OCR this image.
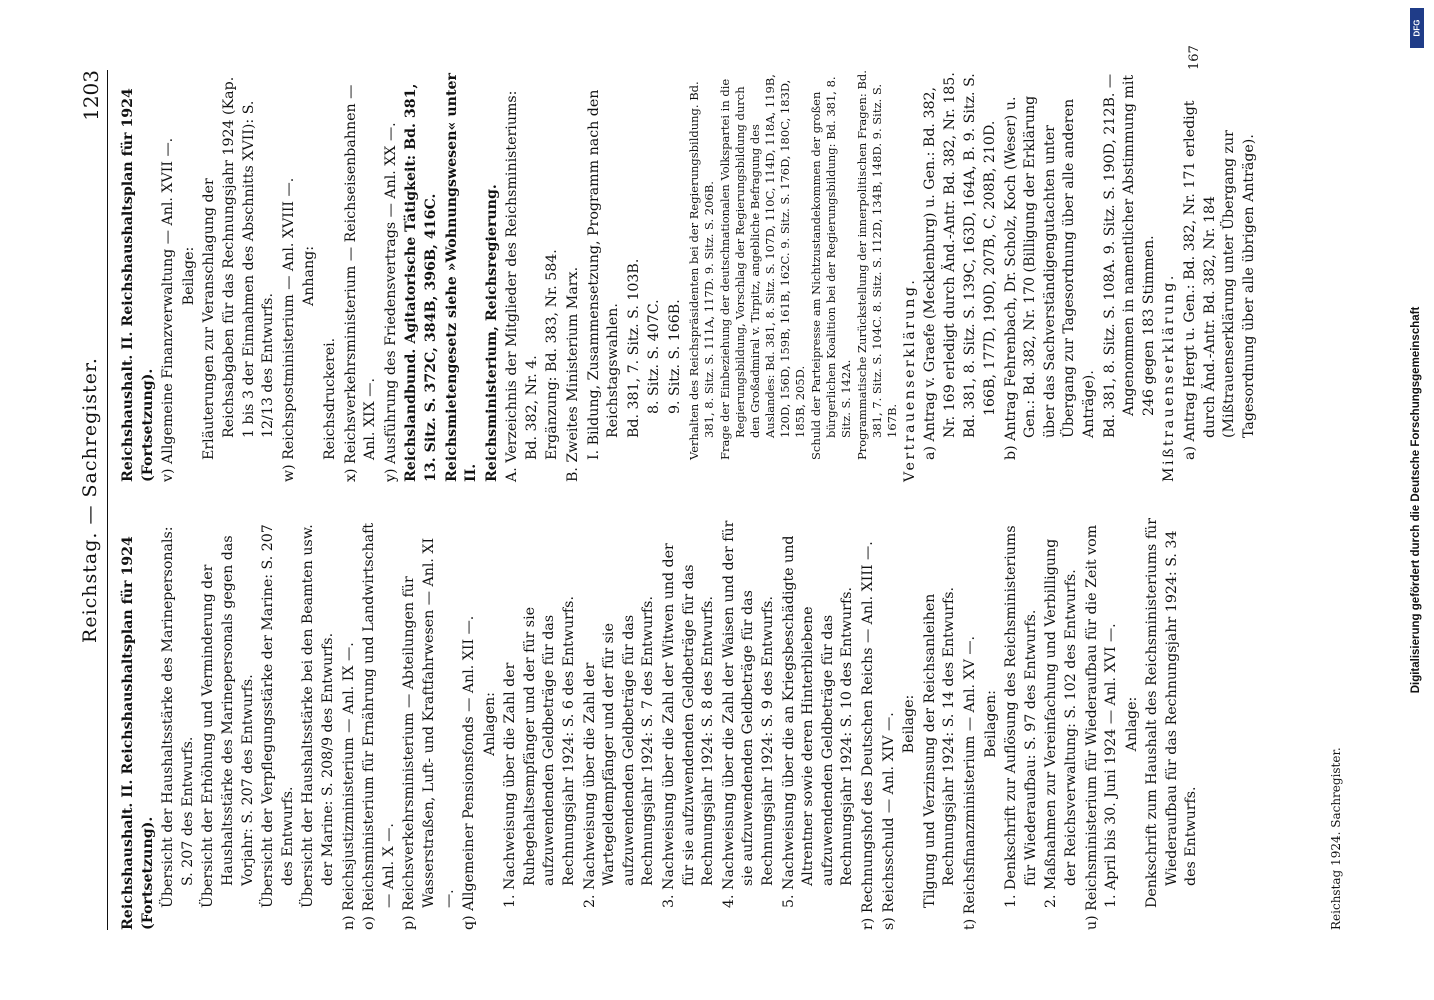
Reichstag. — Sachregister.
1203

Reichshaushalt. II. Reichshaushaltsplan für 1924 (Fortsetzung). Übersicht der Haushaltsstärke des Marinepersonals: S. 207 des Entwurfs. Übersicht der Erhöhung und Verminderung der Haushaltsstärke des Marinepersonals gegen das Vorjahr: S. 207 des Entwurfs. Übersicht der Verpflegungsstärke der Marine: S. 207 des Entwurfs. Übersicht der Haushaltsstärke bei den Beamten usw. der Marine: S. 208/9 des Entwurfs. n) Reichsjustizministerium — Anl. IX —. o) Reichsministerium für Ernährung und Landwirtschaft — Anl. X —. p) Reichsverkehrsministerium — Abteilungen für Wasserstraßen, Luft- und Kraftfahrwesen — Anl. XI —. q) Allgemeiner Pensionsfonds — Anl. XII —. Anlagen: 1. Nachweisung über die Zahl der Ruhegehaltsempfänger und der für sie aufzuwendenden Geldbeträge für das Rechnungsjahr 1924: S. 6 des Entwurfs. 2. Nachweisung über die Zahl der Wartegeldempfänger und der für sie aufzuwendenden Geldbeträge für das Rechnungsjahr 1924: S. 7 des Entwurfs. 3. Nachweisung über die Zahl der Witwen und der für sie aufzuwendenden Geldbeträge für das Rechnungsjahr 1924: S. 8 des Entwurfs. 4. Nachweisung über die Zahl der Waisen und der für sie aufzuwendenden Geldbeträge für das Rechnungsjahr 1924: S. 9 des Entwurfs. 5. Nachweisung über die an Kriegsbeschädigte und Altrentner sowie deren Hinterbliebene aufzuwendenden Geldbeträge für das Rechnungsjahr 1924: S. 10 des Entwurfs. r) Rechnungshof des Deutschen Reichs — Anl. XIII —. s) Reichsschuld — Anl. XIV —. Beilage: Tilgung und Verzinsung der Reichsanleihen Rechnungsjahr 1924: S. 14 des Entwurfs. t) Reichsfinanzministerium — Anl. XV —. Beilagen: 1. Denkschrift zur Auflösung des Reichsministeriums für Wiederaufbau: S. 97 des Entwurfs. 2. Maßnahmen zur Vereinfachung und Verbilligung der Reichsverwaltung: S. 102 des Entwurfs. u) Reichsministerium für Wiederaufbau für die Zeit vom 1. April bis 30. Juni 1924 — Anl. XVI —. Anlage: Denkschrift zum Haushalt des Reichsministeriums für Wiederaufbau für das Rechnungsjahr 1924: S. 34 des Entwurfs.

Reichshaushalt. II. Reichshaushaltsplan für 1924 (Fortsetzung). v) Allgemeine Finanzverwaltung — Anl. XVII —. Beilage: Erläuterungen zur Veranschlagung der Reichsabgaben für das Rechnungsjahr 1924 (Kap. 1 bis 3 der Einnahmen des Abschnitts XVII): S. 12/13 des Entwurfs. w) Reichspostministerium — Anl. XVIII —. Anhang:

Reichsdruckerei. x) Reichsverkehrsministerium — Reichseisenbahnen — Anl. XIX —. y) Ausführung des Friedensvertrags — Anl. XX —. Reichslandbund. Agitatorische Tätigkeit: Bd. 381, 13. Sitz. S. 372C, 384B, 396B, 416C. Reichsmietengesetz siehe »Wohnungswesen« unter II. Reichsministerium, Reichsregierung. A. Verzeichnis der Mitglieder des Reichsministeriums: Bd. 382, Nr. 4. Ergänzung: Bd. 383, Nr. 584. B. Zweites Ministerium Marx. I. Bildung, Zusammensetzung, Programm nach den Reichstagswahlen. Bd. 381, 7. Sitz. S. 103B. 8. Sitz. S. 407C. 9. Sitz. S. 166B. Verhalten des Reichspräsidenten bei der Regierungsbildung. Bd. 381, 8. Sitz. S. 111A, 117D. 9. Sitz. S. 206B. Frage der Einbeziehung der deutschnationalen Volkspartei in die Regierungsbildung, Vorschlag der Regierungsbildung durch den Großadmiral v. Tirpitz, angebliche Befragung des Auslandes: Bd. 381, 8. Sitz. S. 107D, 110C, 114D, 118A, 119B, 120D, 156D, 159B, 161B, 162C. 9. Sitz. S. 176D, 180C, 183D, 185B, 205D. Schuld der Parteipresse am Nichtzustandekommen der großen bürgerlichen Koalition bei der Regierungsbildung: Bd. 381, 8. Sitz. S. 142A. Programmatische Zurückstellung der innerpolitischen Fragen: Bd. 381, 7. Sitz. S. 104C. 8. Sitz. S. 112D, 134B, 148D. 9. Sitz. S. 167B. Vertrauenserklärung. a) Antrag v. Graefe (Mecklenburg) u. Gen.: Bd. 382, Nr. 169 erledigt durch Änd.-Antr. Bd. 382, Nr. 185. Bd. 381, 8. Sitz. S. 139C, 163D, 164A, B. 9. Sitz. S. 166B, 177D, 190D, 207B, C, 208B, 210D. b) Antrag Fehrenbach, Dr. Scholz, Koch (Weser) u. Gen.: Bd. 382, Nr. 170 (Billigung der Erklärung über das Sachverständigengutachten unter Übergang zur Tagesordnung über alle anderen Anträge). Bd. 381, 8. Sitz. S. 108A. 9. Sitz. S. 190D, 212B. — Angenommen in namentlicher Abstimmung mit 246 gegen 183 Stimmen. Mißtrauenserklärung. a) Antrag Hergt u. Gen.: Bd. 382, Nr. 171 erledigt durch Änd.-Antr. Bd. 382, Nr. 184 (Mißtrauenserklärung unter Übergang zur Tagesordnung über alle übrigen Anträge).

Reichstag 1924. Sachregister.
167
DFG
Digitalisierung gefördert durch die Deutsche Forschungsgemeinschaft
